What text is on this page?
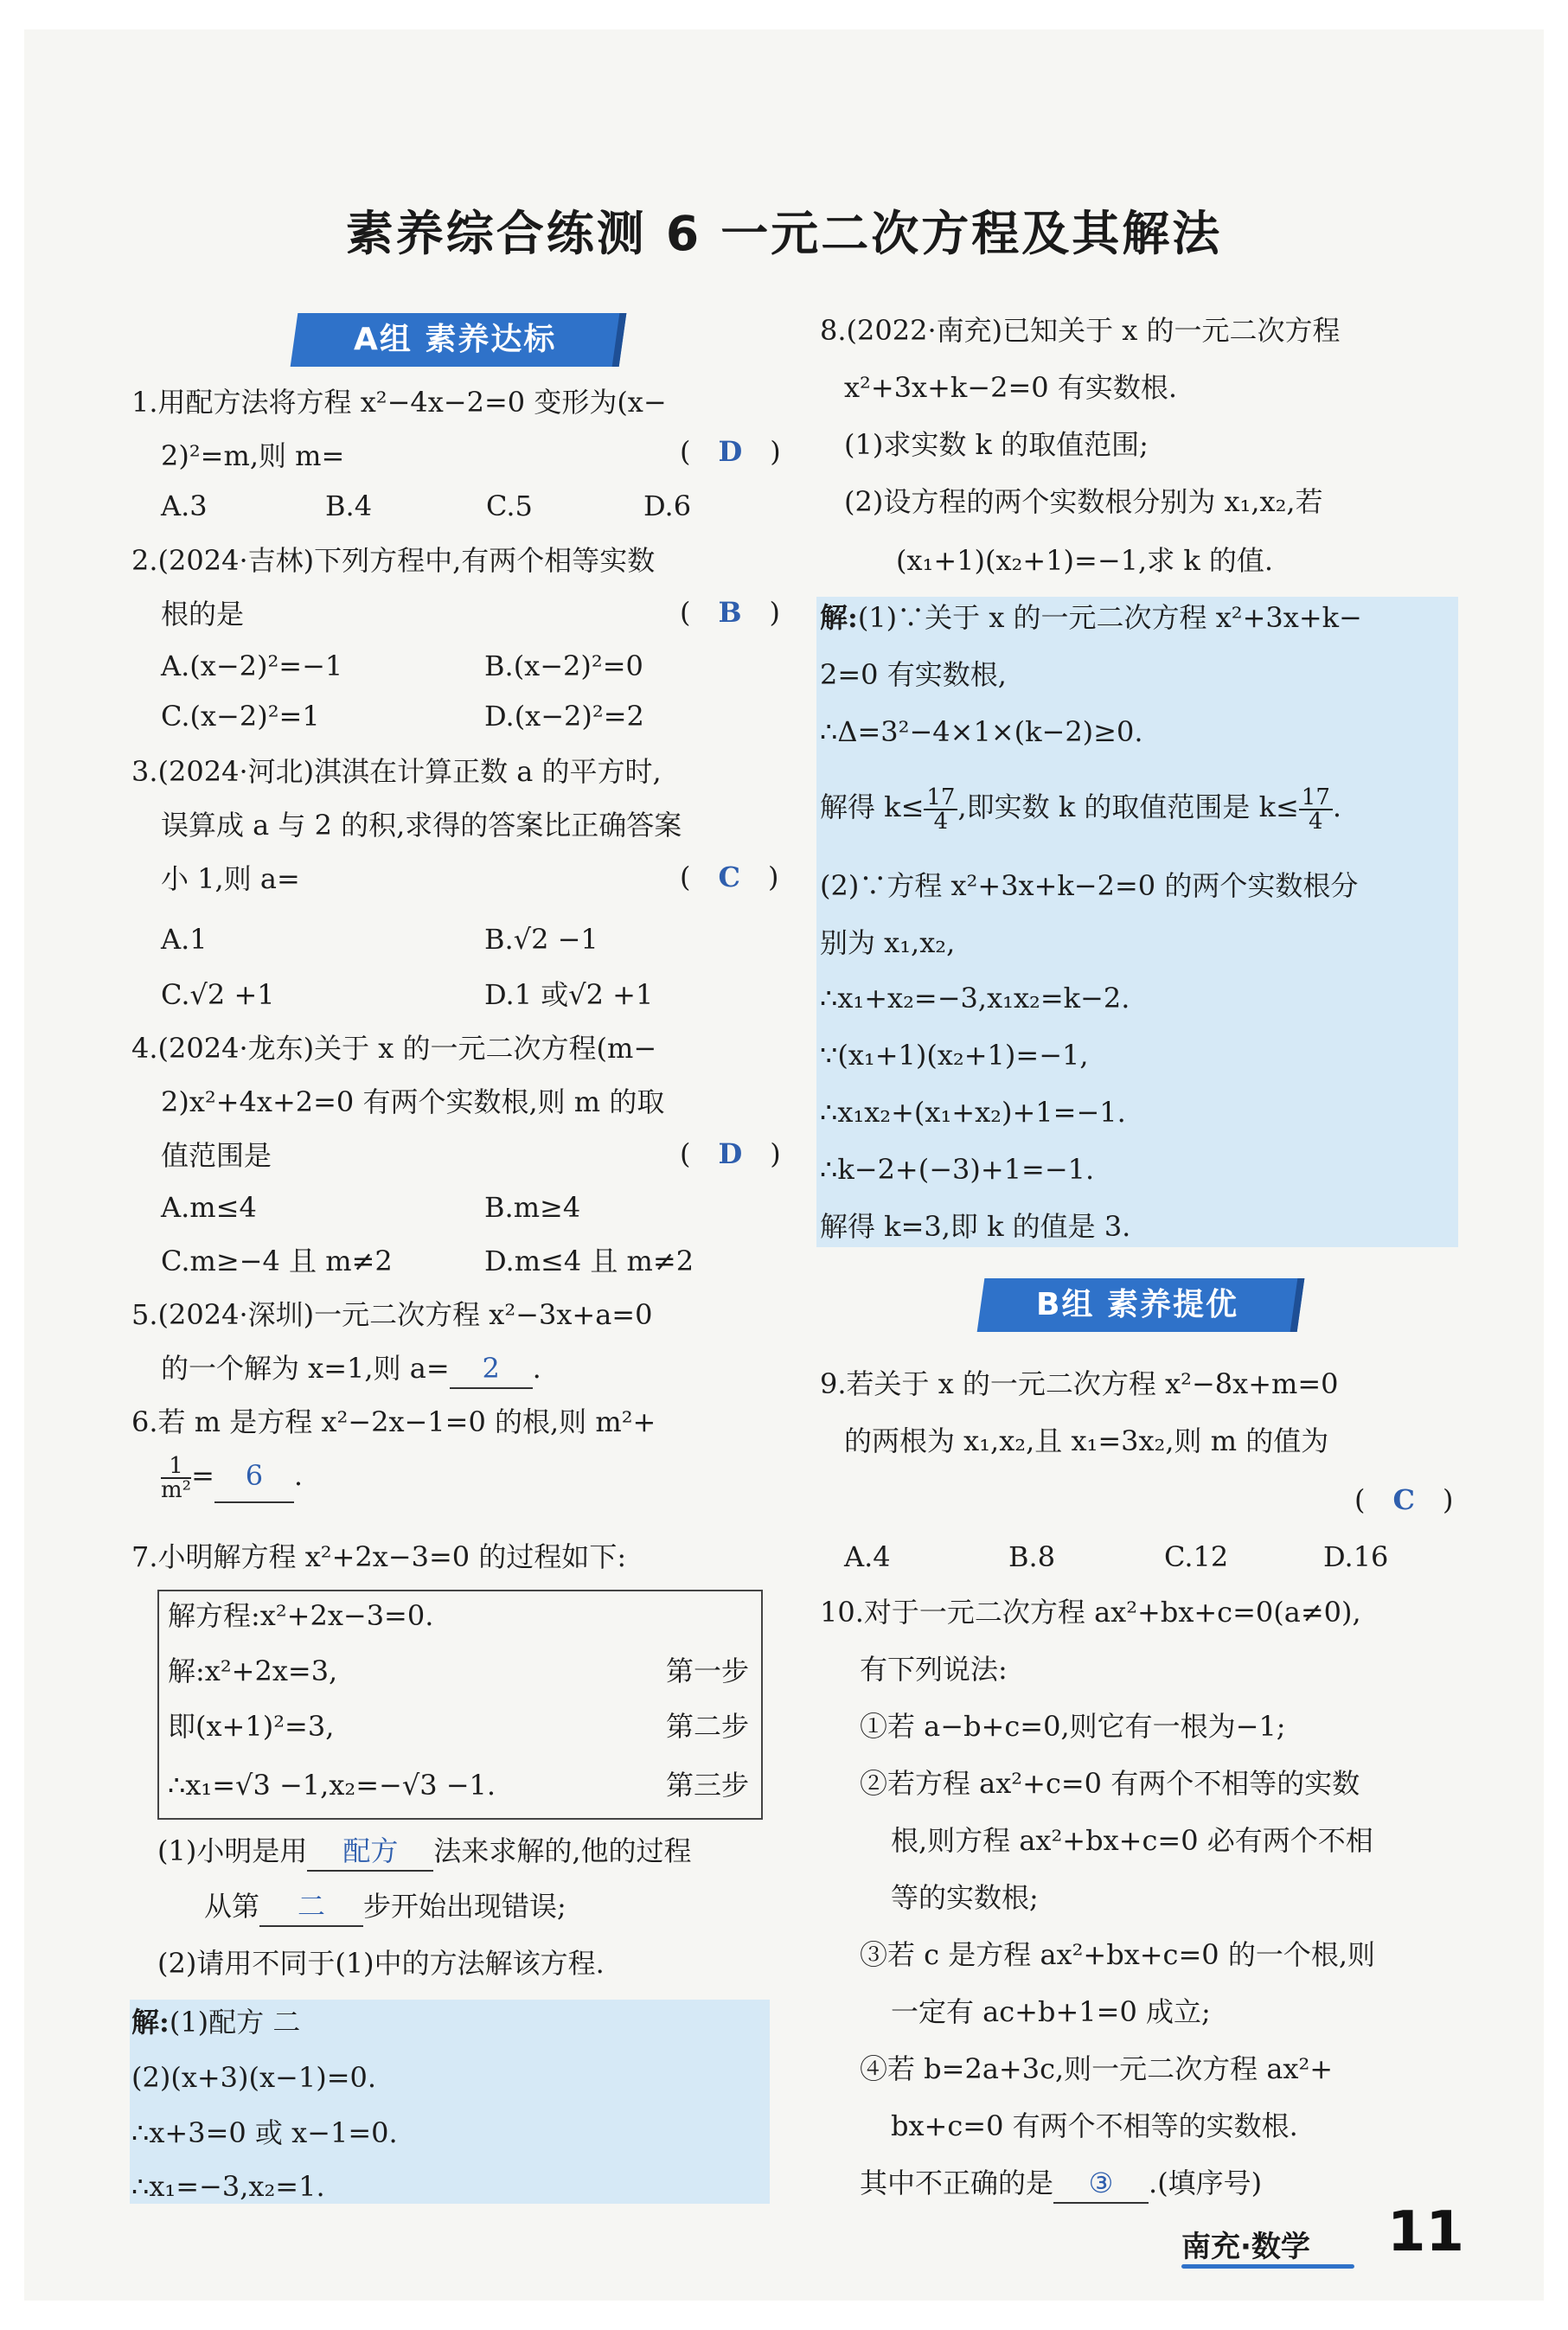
素养综合练测 6 一元二次方程及其解法
A组 素养达标
1.用配方法将方程 x²−4x−2=0 变形为(x−
2)²=m,则 m=	(　D　)
A.3	B.4	C.5	D.6
2.(2024·吉林)下列方程中,有两个相等实数
根的是	(　B　)
A.(x−2)²=−1	B.(x−2)²=0
C.(x−2)²=1	D.(x−2)²=2
3.(2024·河北)淇淇在计算正数 a 的平方时,
误算成 a 与 2 的积,求得的答案比正确答案
小 1,则 a=	(　C　)
A.1	B.√2 −1
C.√2 +1	D.1 或√2 +1
4.(2024·龙东)关于 x 的一元二次方程(m−
2)x²+4x+2=0 有两个实数根,则 m 的取
值范围是	(　D　)
A.m≤4	B.m≥4
C.m≥−4 且 m≠2	D.m≤4 且 m≠2
5.(2024·深圳)一元二次方程 x²−3x+a=0
的一个解为 x=1,则 a= 2 .
6.若 m 是方程 x²−2x−1=0 的根,则 m²+
$\frac{1}{\text{m²}} = 6$ .
7.小明解方程 x²+2x−3=0 的过程如下:
解方程:x²+2x−3=0.
解:x²+2x=3,	第一步
即(x+1)²=3,	第二步
∴x₁=√3 −1,x₂=−√3 −1.	第三步
(1)小明是用 配方 法来求解的,他的过程
从第 二 步开始出现错误;
(2)请用不同于(1)中的方法解该方程.
解:(1)配方 二
(2)(x+3)(x−1)=0.
∴x+3=0 或 x−1=0.
∴x₁=−3,x₂=1.
8.(2022·南充)已知关于 x 的一元二次方程
x²+3x+k−2=0 有实数根.
(1)求实数 k 的取值范围;
(2)设方程的两个实数根分别为 x₁,x₂,若
(x₁+1)(x₂+1)=−1,求 k 的值.
解:(1)∵关于 x 的一元二次方程 x²+3x+k−
2=0 有实数根,
∴Δ=3²−4×1×(k−2)≥0.
解得 $k\le \frac{17}{4}$ ,即实数 k 的取值范围是 $k\le \frac{17}{4}$ .
(2)∵方程 x²+3x+k−2=0 的两个实数根分
别为 x₁,x₂,
∴x₁+x₂=−3,x₁x₂=k−2.
∵(x₁+1)(x₂+1)=−1,
∴x₁x₂+(x₁+x₂)+1=−1.
∴k−2+(−3)+1=−1.
解得 k=3,即 k 的值是 3.
B组 素养提优
9.若关于 x 的一元二次方程 x²−8x+m=0
的两根为 x₁,x₂,且 x₁=3x₂,则 m 的值为
(　C　)
A.4	B.8	C.12	D.16
10.对于一元二次方程 ax²+bx+c=0(a≠0),
有下列说法:
①若 a−b+c=0,则它有一根为−1;
②若方程 ax²+c=0 有两个不相等的实数
根,则方程 ax²+bx+c=0 必有两个不相
等的实数根;
③若 c 是方程 ax²+bx+c=0 的一个根,则
一定有 ac+b+1=0 成立;
④若 b=2a+3c,则一元二次方程 ax²+
bx+c=0 有两个不相等的实数根.
其中不正确的是 ③ .(填序号)
南充·数学 11
